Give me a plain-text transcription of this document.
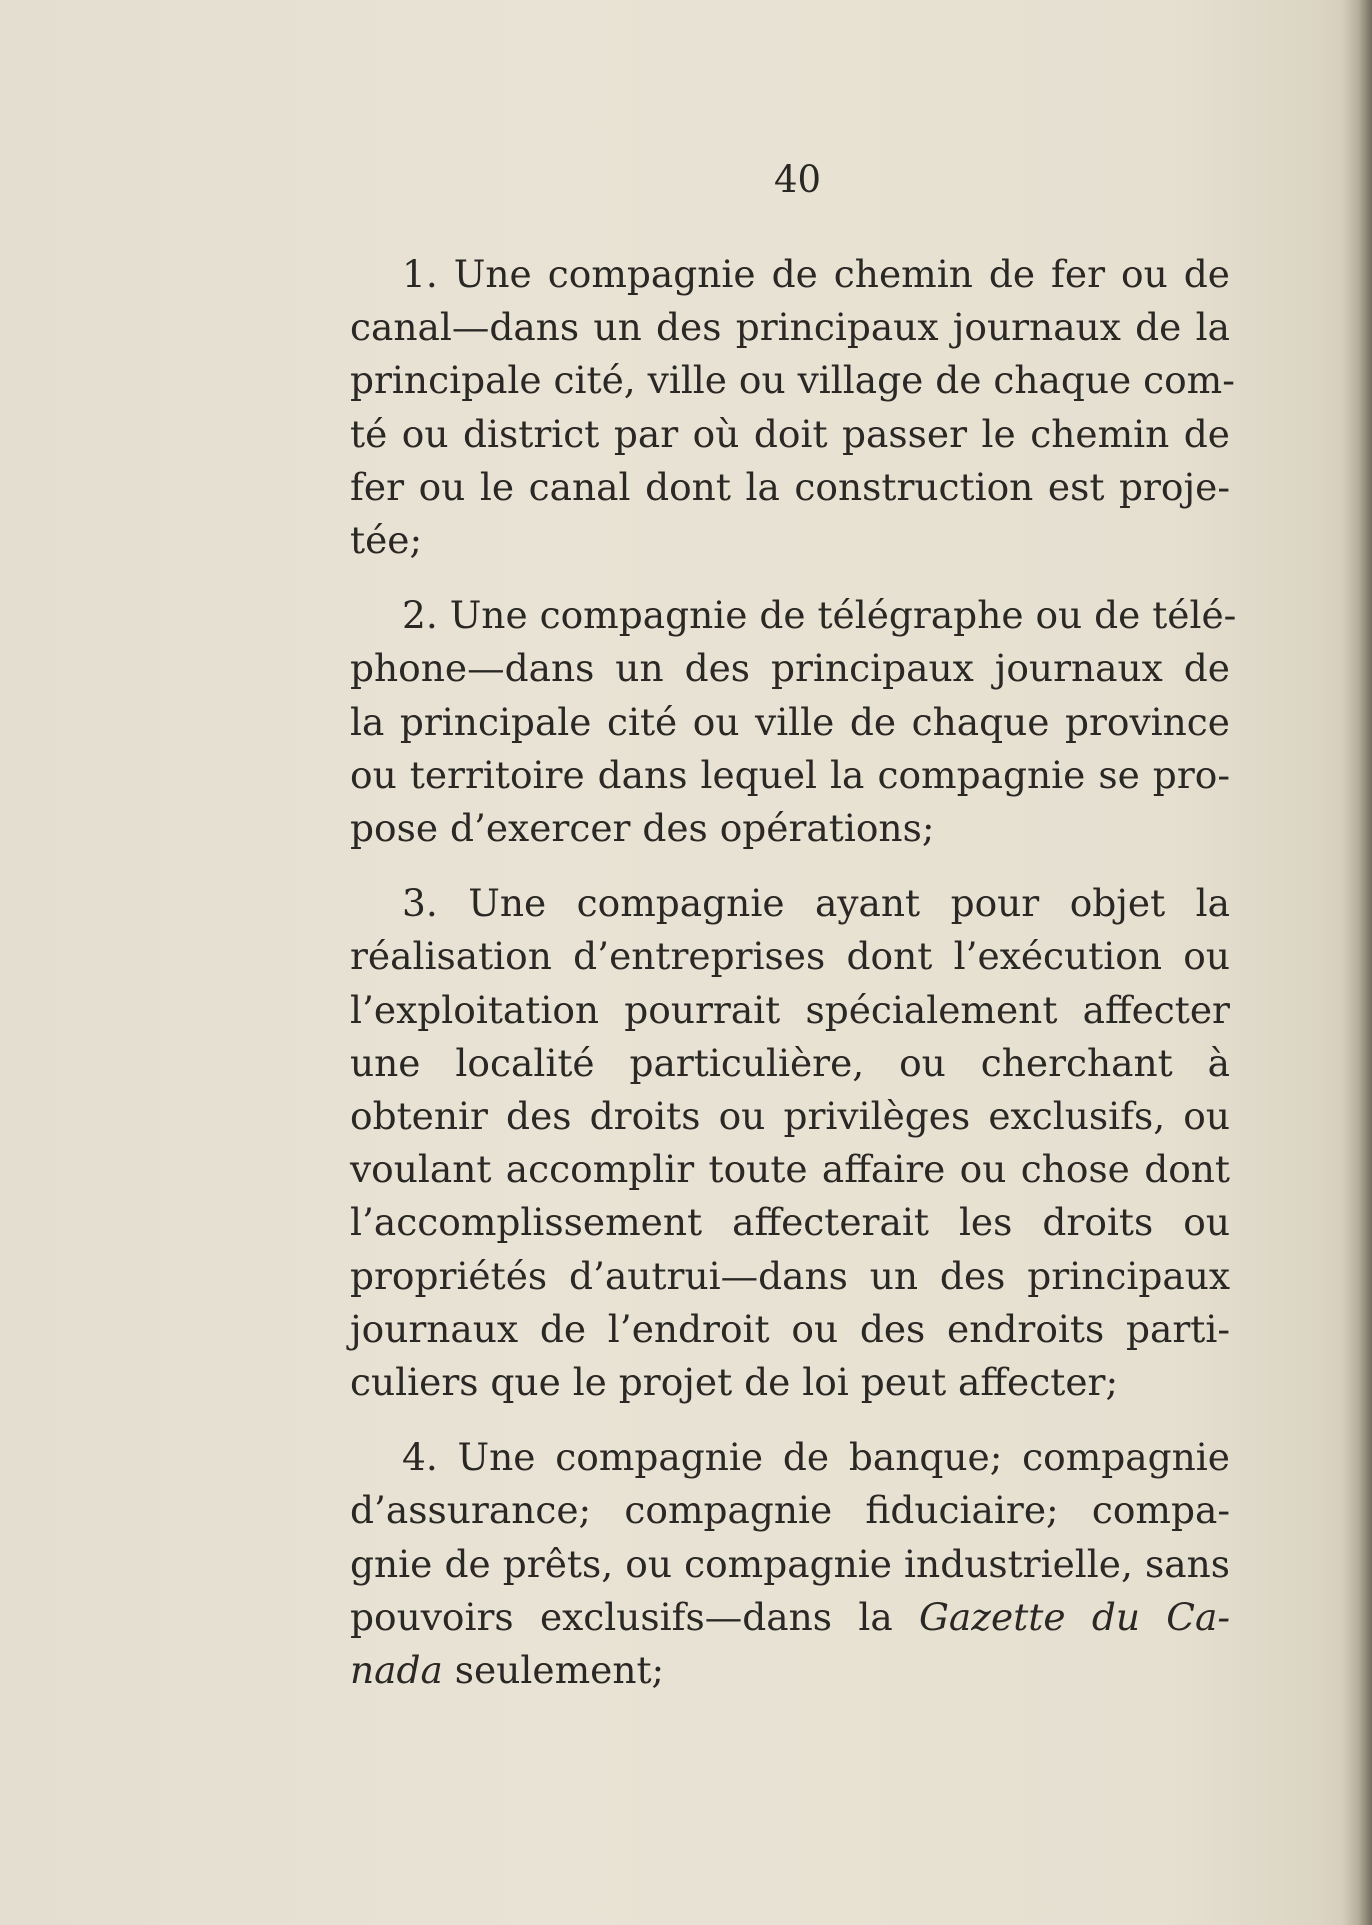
40

1. Une compagnie de chemin de fer ou de
canal—dans un des principaux journaux de la
principale cité, ville ou village de chaque com-
té ou district par où doit passer le chemin de
fer ou le canal dont la construction est proje-
tée;

2. Une compagnie de télégraphe ou de télé-
phone—dans un des principaux journaux de
la principale cité ou ville de chaque province
ou territoire dans lequel la compagnie se pro-
pose d’exercer des opérations;

3. Une compagnie ayant pour objet la
réalisation d’entreprises dont l’exécution ou
l’exploitation pourrait spécialement affecter
une localité particulière, ou cherchant à
obtenir des droits ou privilèges exclusifs, ou
voulant accomplir toute affaire ou chose dont
l’accomplissement affecterait les droits ou
propriétés d’autrui—dans un des principaux
journaux de l’endroit ou des endroits parti-
culiers que le projet de loi peut affecter;

4. Une compagnie de banque; compagnie
d’assurance; compagnie fiduciaire; compa-
gnie de prêts, ou compagnie industrielle, sans
pouvoirs exclusifs—dans la Gazette du Ca-
nada seulement;
